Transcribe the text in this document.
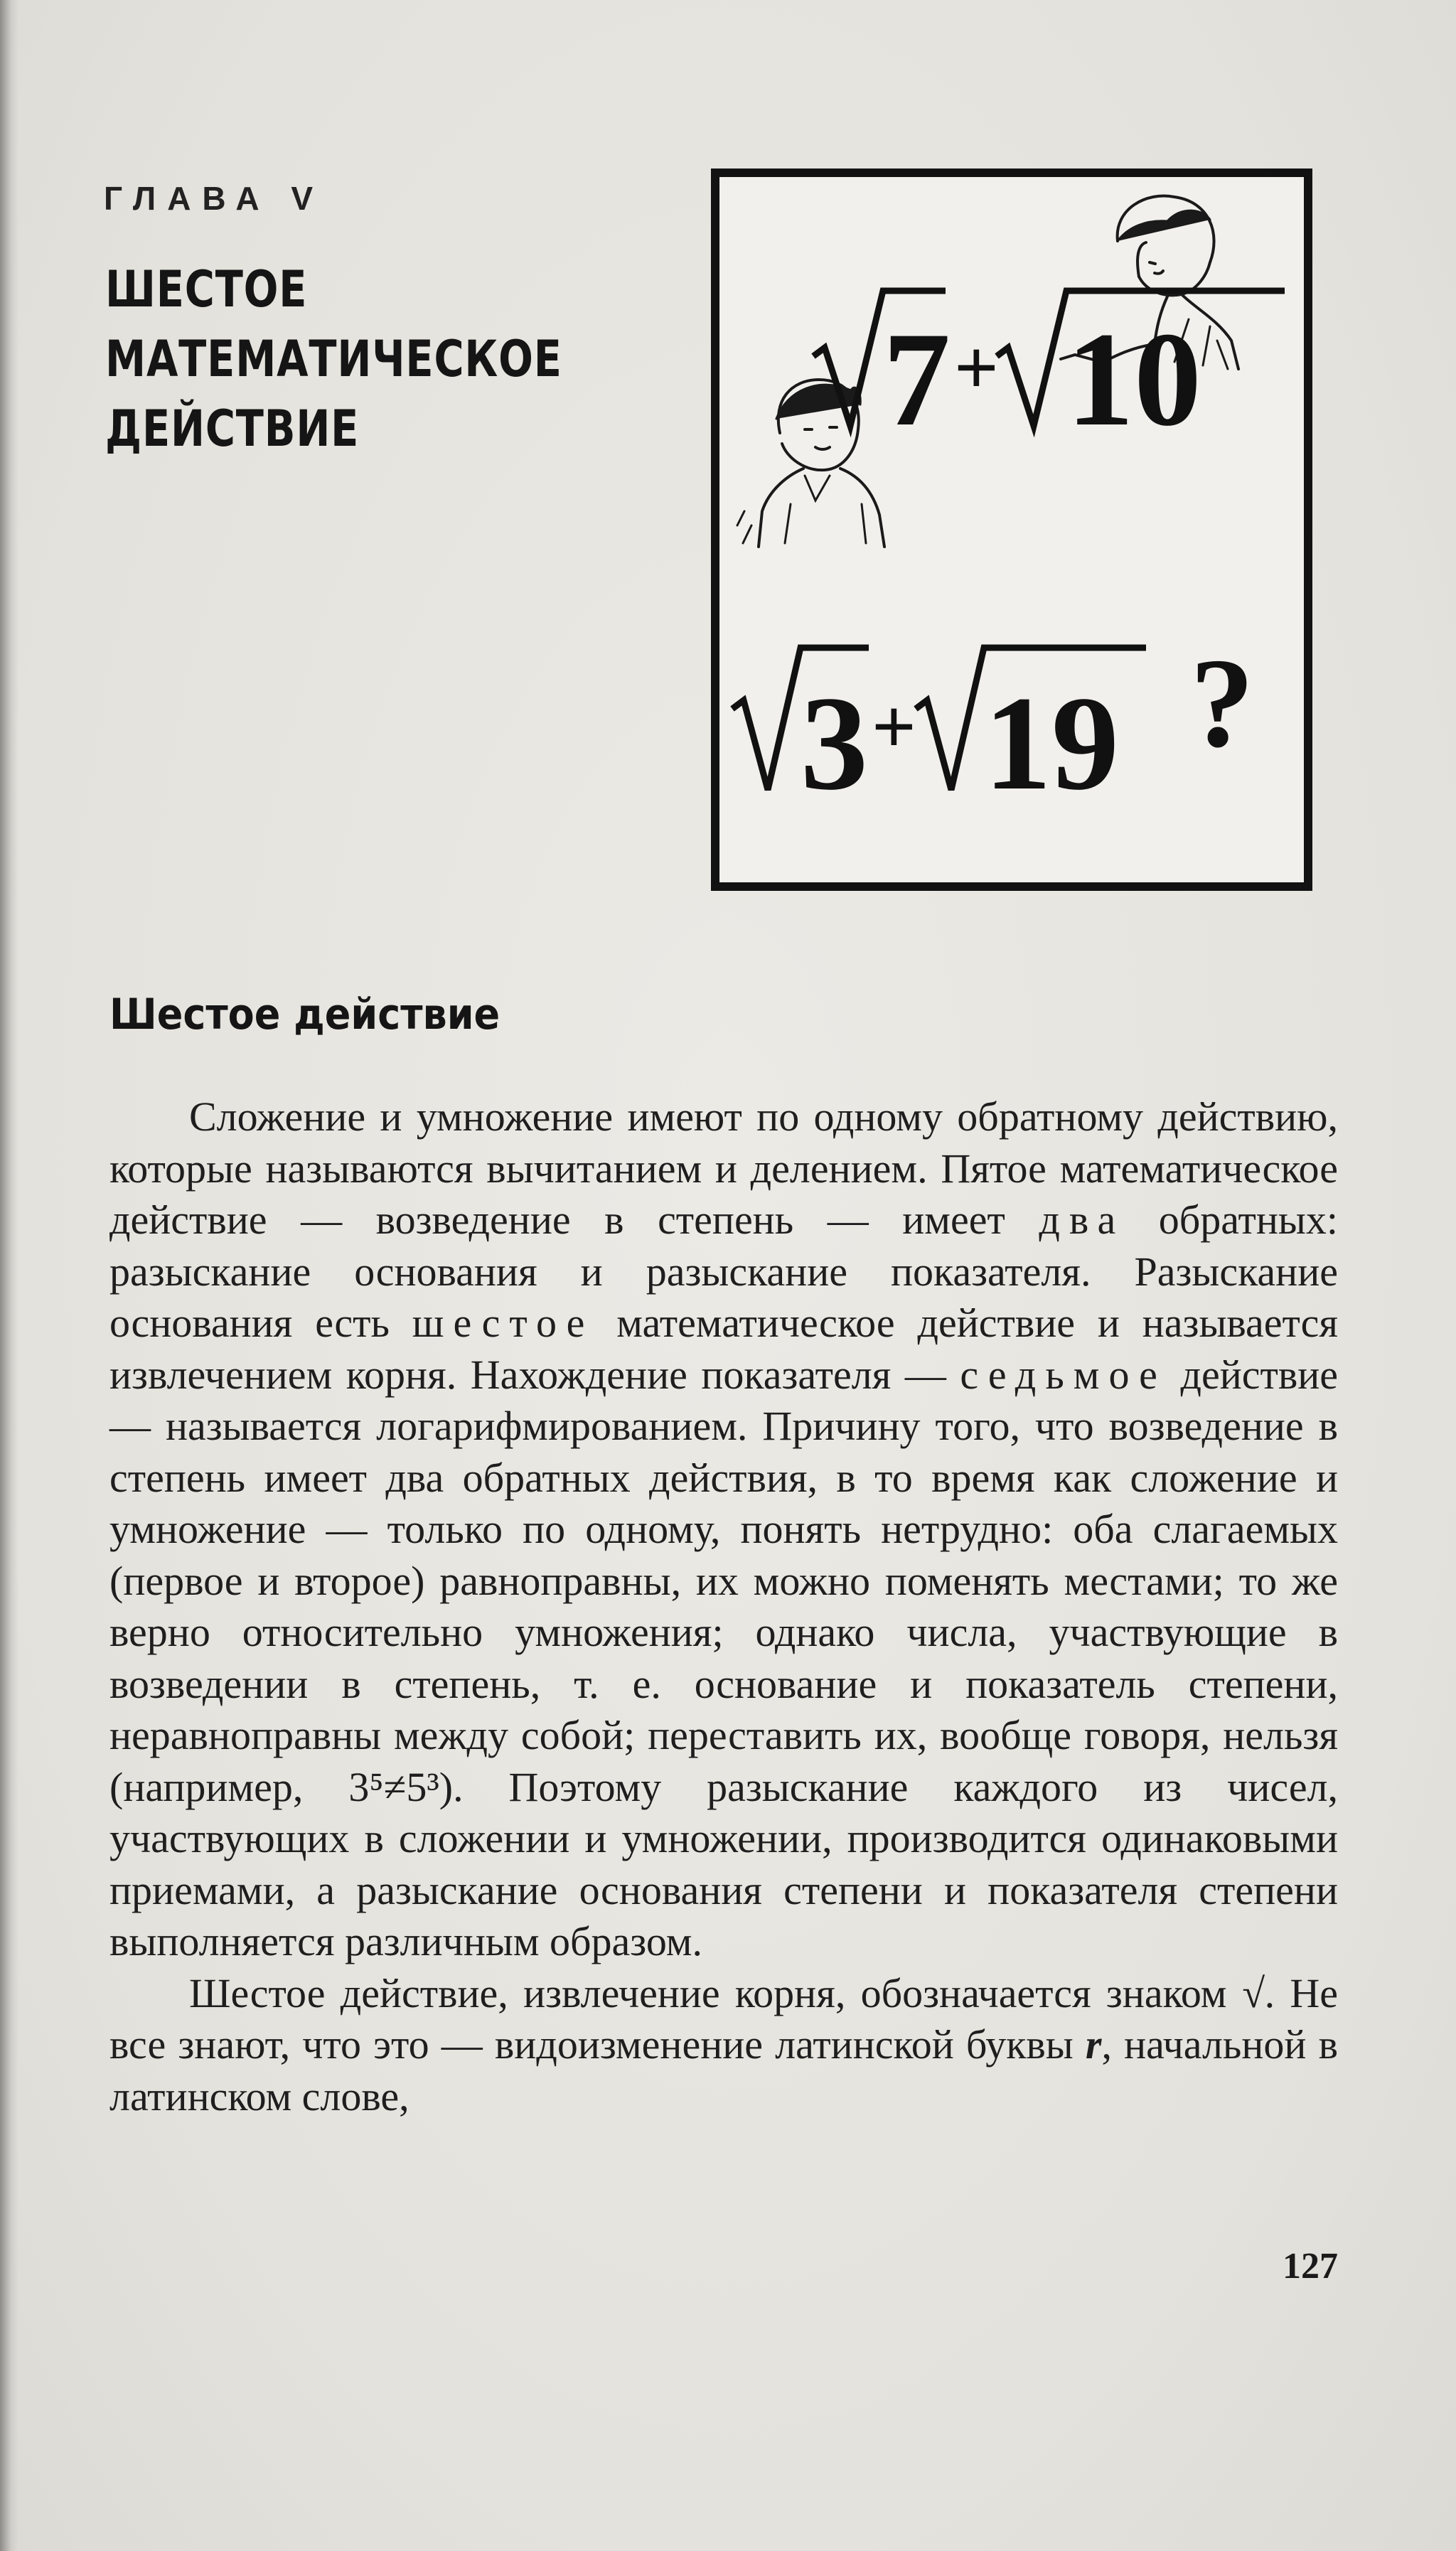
ГЛАВА V
ШЕСТОЕ
МАТЕМАТИЧЕСКОЕ
ДЕЙСТВИЕ	7 + 10
?
3 + 19
Шестое действие

Сложение и умножение имеют по одному обратному действию, которые называются вычитанием и делением. Пятое математическое действие — возведение в степень — имеет два обратных: разыскание основания и разыскание показателя. Разыскание основания есть шестое математическое действие и называется извлечением корня. Нахождение показателя — седьмое действие — называется логарифмированием. Причину того, что возведение в степень имеет два обратных действия, в то время как сложение и умножение — только по одному, понять нетрудно: оба слагаемых (первое и второе) равноправны, их можно поменять местами; то же верно относительно умножения; однако числа, участвующие в возведении в степень, т. е. основание и показатель степени, неравноправны между собой; переставить их, вообще говоря, нельзя (например, 3⁵≠5³). Поэтому разыскание каждого из чисел, участвующих в сложении и умножении, производится одинаковыми приемами, а разыскание основания степени и показателя степени выполняется различным образом.

Шестое действие, извлечение корня, обозначается знаком √. Не все знают, что это — видоизменение латинской буквы r, начальной в латинском слове,

127
